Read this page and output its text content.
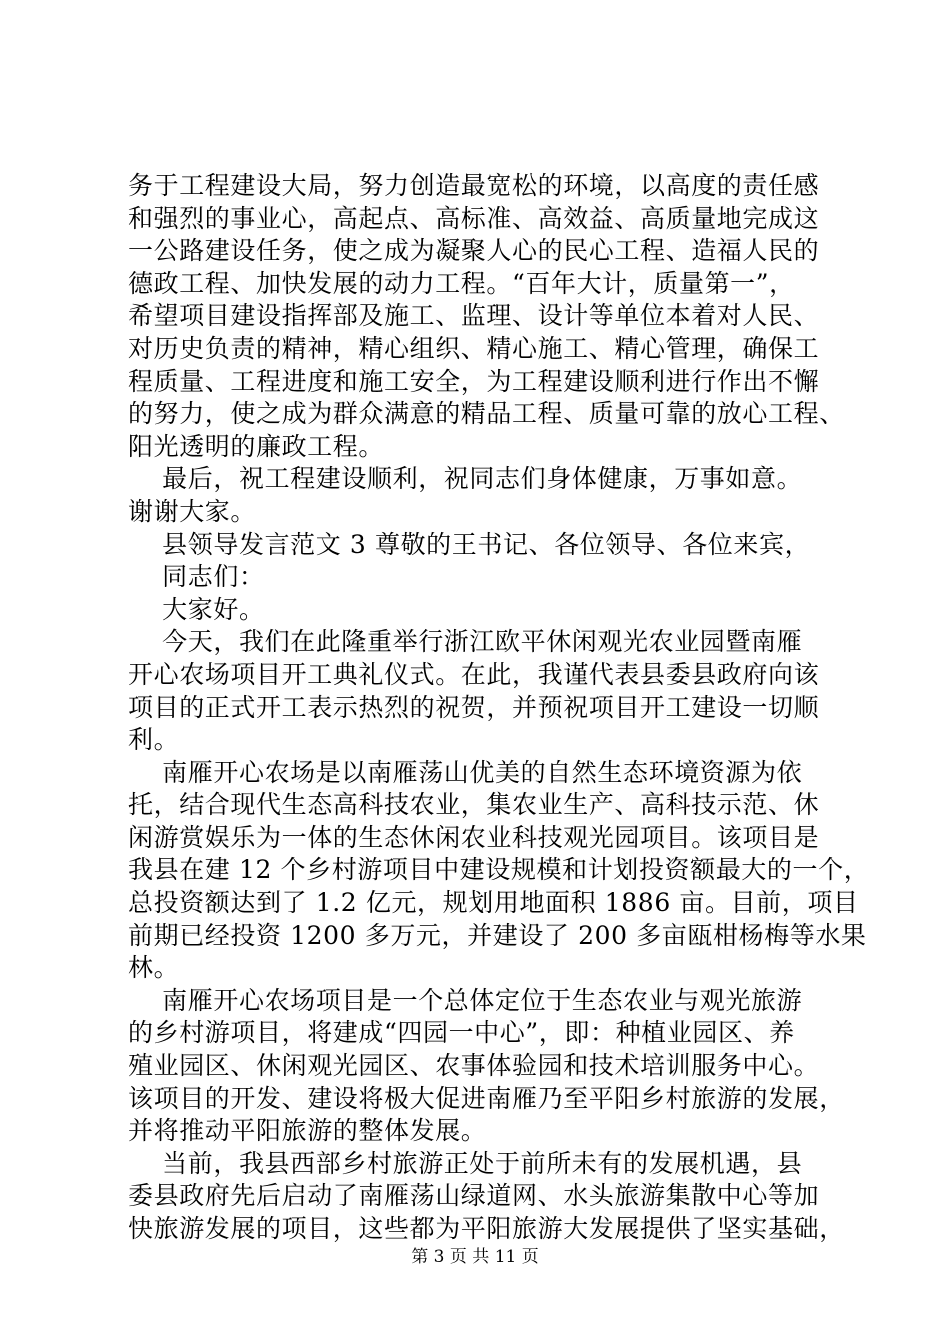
务于工程建设大局，努力创造最宽松的环境，以高度的责任感
和强烈的事业心，高起点、高标准、高效益、高质量地完成这
一公路建设任务，使之成为凝聚人心的民心工程、造福人民的
德政工程、加快发展的动力工程。“百年大计，质量第一”，
希望项目建设指挥部及施工、监理、设计等单位本着对人民、
对历史负责的精神，精心组织、精心施工、精心管理，确保工
程质量、工程进度和施工安全，为工程建设顺利进行作出不懈
的努力，使之成为群众满意的精品工程、质量可靠的放心工程、
阳光透明的廉政工程。
最后，祝工程建设顺利，祝同志们身体健康，万事如意。
谢谢大家。
县领导发言范文 3 尊敬的王书记、各位领导、各位来宾，
同志们：
大家好。
今天，我们在此隆重举行浙江欧平休闲观光农业园暨南雁
开心农场项目开工典礼仪式。在此，我谨代表县委县政府向该
项目的正式开工表示热烈的祝贺，并预祝项目开工建设一切顺
利。
南雁开心农场是以南雁荡山优美的自然生态环境资源为依
托，结合现代生态高科技农业，集农业生产、高科技示范、休
闲游赏娱乐为一体的生态休闲农业科技观光园项目。该项目是
我县在建 12 个乡村游项目中建设规模和计划投资额最大的一个，
总投资额达到了 1.2 亿元，规划用地面积 1886 亩。目前，项目
前期已经投资 1200 多万元，并建设了 200 多亩瓯柑杨梅等水果
林。
南雁开心农场项目是一个总体定位于生态农业与观光旅游
的乡村游项目，将建成“四园一中心”，即：种植业园区、养
殖业园区、休闲观光园区、农事体验园和技术培训服务中心。
该项目的开发、建设将极大促进南雁乃至平阳乡村旅游的发展，
并将推动平阳旅游的整体发展。
当前，我县西部乡村旅游正处于前所未有的发展机遇，县
委县政府先后启动了南雁荡山绿道网、水头旅游集散中心等加
快旅游发展的项目，这些都为平阳旅游大发展提供了坚实基础，
第 3 页 共 11 页
